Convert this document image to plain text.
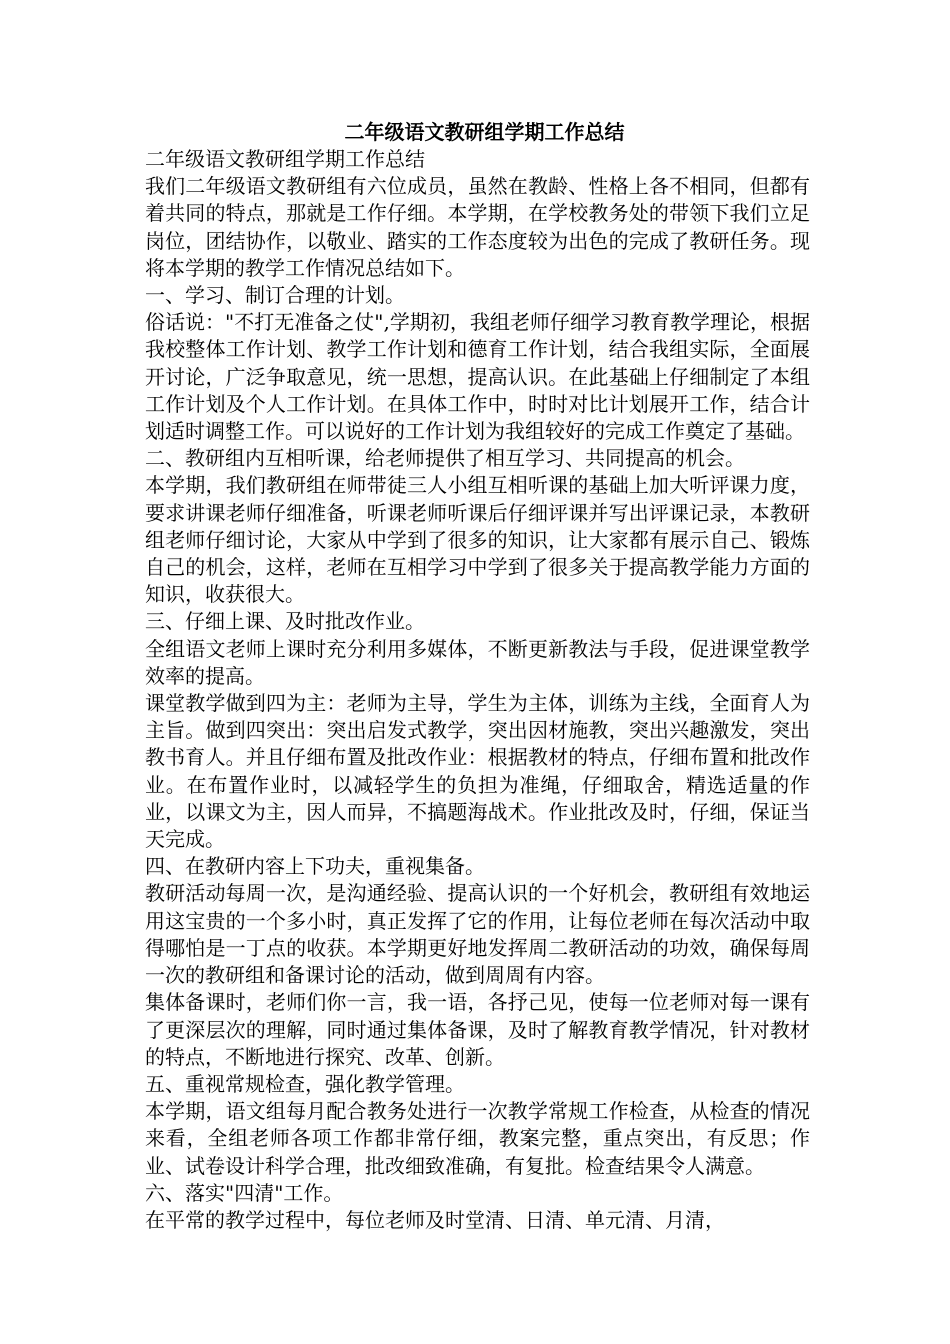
二年级语文教研组学期工作总结

二年级语文教研组学期工作总结

我们二年级语文教研组有六位成员，虽然在教龄、性格上各不相同，但都有着共同的特点，那就是工作仔细。本学期，在学校教务处的带领下我们立足岗位，团结协作，以敬业、踏实的工作态度较为出色的完成了教研任务。现将本学期的教学工作情况总结如下。

一、学习、制订合理的计划。

俗话说："不打无准备之仗",学期初，我组老师仔细学习教育教学理论，根据我校整体工作计划、教学工作计划和德育工作计划，结合我组实际，全面展开讨论，广泛争取意见，统一思想，提高认识。在此基础上仔细制定了本组工作计划及个人工作计划。在具体工作中，时时对比计划展开工作，结合计划适时调整工作。可以说好的工作计划为我组较好的完成工作奠定了基础。

二、教研组内互相听课，给老师提供了相互学习、共同提高的机会。

本学期，我们教研组在师带徒三人小组互相听课的基础上加大听评课力度，要求讲课老师仔细准备，听课老师听课后仔细评课并写出评课记录，本教研组老师仔细讨论，大家从中学到了很多的知识，让大家都有展示自己、锻炼自己的机会，这样，老师在互相学习中学到了很多关于提高教学能力方面的知识，收获很大。

三、仔细上课、及时批改作业。

全组语文老师上课时充分利用多媒体，不断更新教法与手段，促进课堂教学效率的提高。

课堂教学做到四为主：老师为主导，学生为主体，训练为主线，全面育人为主旨。做到四突出：突出启发式教学，突出因材施教，突出兴趣激发，突出教书育人。并且仔细布置及批改作业：根据教材的特点，仔细布置和批改作业。在布置作业时，以减轻学生的负担为准绳，仔细取舍，精选适量的作业，以课文为主，因人而异，不搞题海战术。作业批改及时，仔细，保证当天完成。

四、在教研内容上下功夫，重视集备。

教研活动每周一次，是沟通经验、提高认识的一个好机会，教研组有效地运用这宝贵的一个多小时，真正发挥了它的作用，让每位老师在每次活动中取得哪怕是一丁点的收获。本学期更好地发挥周二教研活动的功效，确保每周一次的教研组和备课讨论的活动，做到周周有内容。

集体备课时，老师们你一言，我一语，各抒己见，使每一位老师对每一课有了更深层次的理解，同时通过集体备课，及时了解教育教学情况，针对教材的特点，不断地进行探究、改革、创新。

五、重视常规检查，强化教学管理。

本学期，语文组每月配合教务处进行一次教学常规工作检查，从检查的情况来看，全组老师各项工作都非常仔细，教案完整，重点突出，有反思；作业、试卷设计科学合理，批改细致准确，有复批。检查结果令人满意。

六、落实"四清"工作。

在平常的教学过程中，每位老师及时堂清、日清、单元清、月清，
